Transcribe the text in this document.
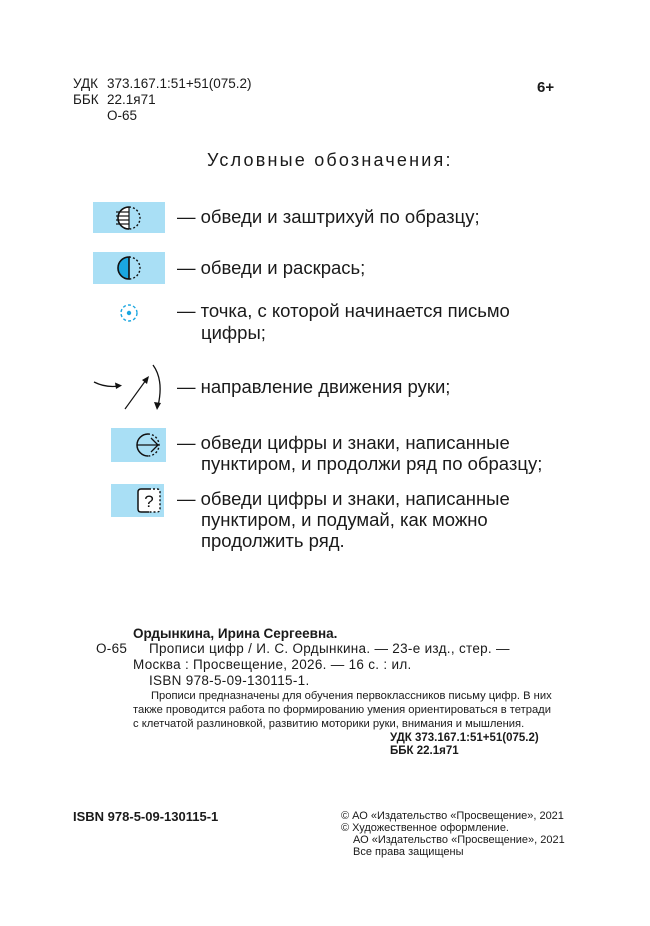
УДК 373.167.1:51+51(075.2)
ББК 22.1я71
О-65
6+
Условные обозначения:
— обведи и заштрихуй по образцу;
— обведи и раскрась;
— точка, с которой начинается письмо
цифры;
— направление движения руки;
— обведи цифры и знаки, написанные
пунктиром, и продолжи ряд по образцу;
? — обведи цифры и знаки, написанные
пунктиром, и подумай, как можно
продолжить ряд.
Ордынкина, Ирина Сергеевна.
О-65 Прописи цифр / И. С. Ордынкина. — 23-е изд., стер. —
Москва : Просвещение, 2026. — 16 с. : ил.
ISBN 978-5-09-130115-1.
Прописи предназначены для обучения первоклассников письму цифр. В них
также проводится работа по формированию умения ориентироваться в тетради
с клетчатой разлиновкой, развитию моторики руки, внимания и мышления.
УДК 373.167.1:51+51(075.2)
ББК 22.1я71
ISBN 978-5-09-130115-1	© АО «Издательство «Просвещение», 2021
© Художественное оформление.
АО «Издательство «Просвещение», 2021
Все права защищены
